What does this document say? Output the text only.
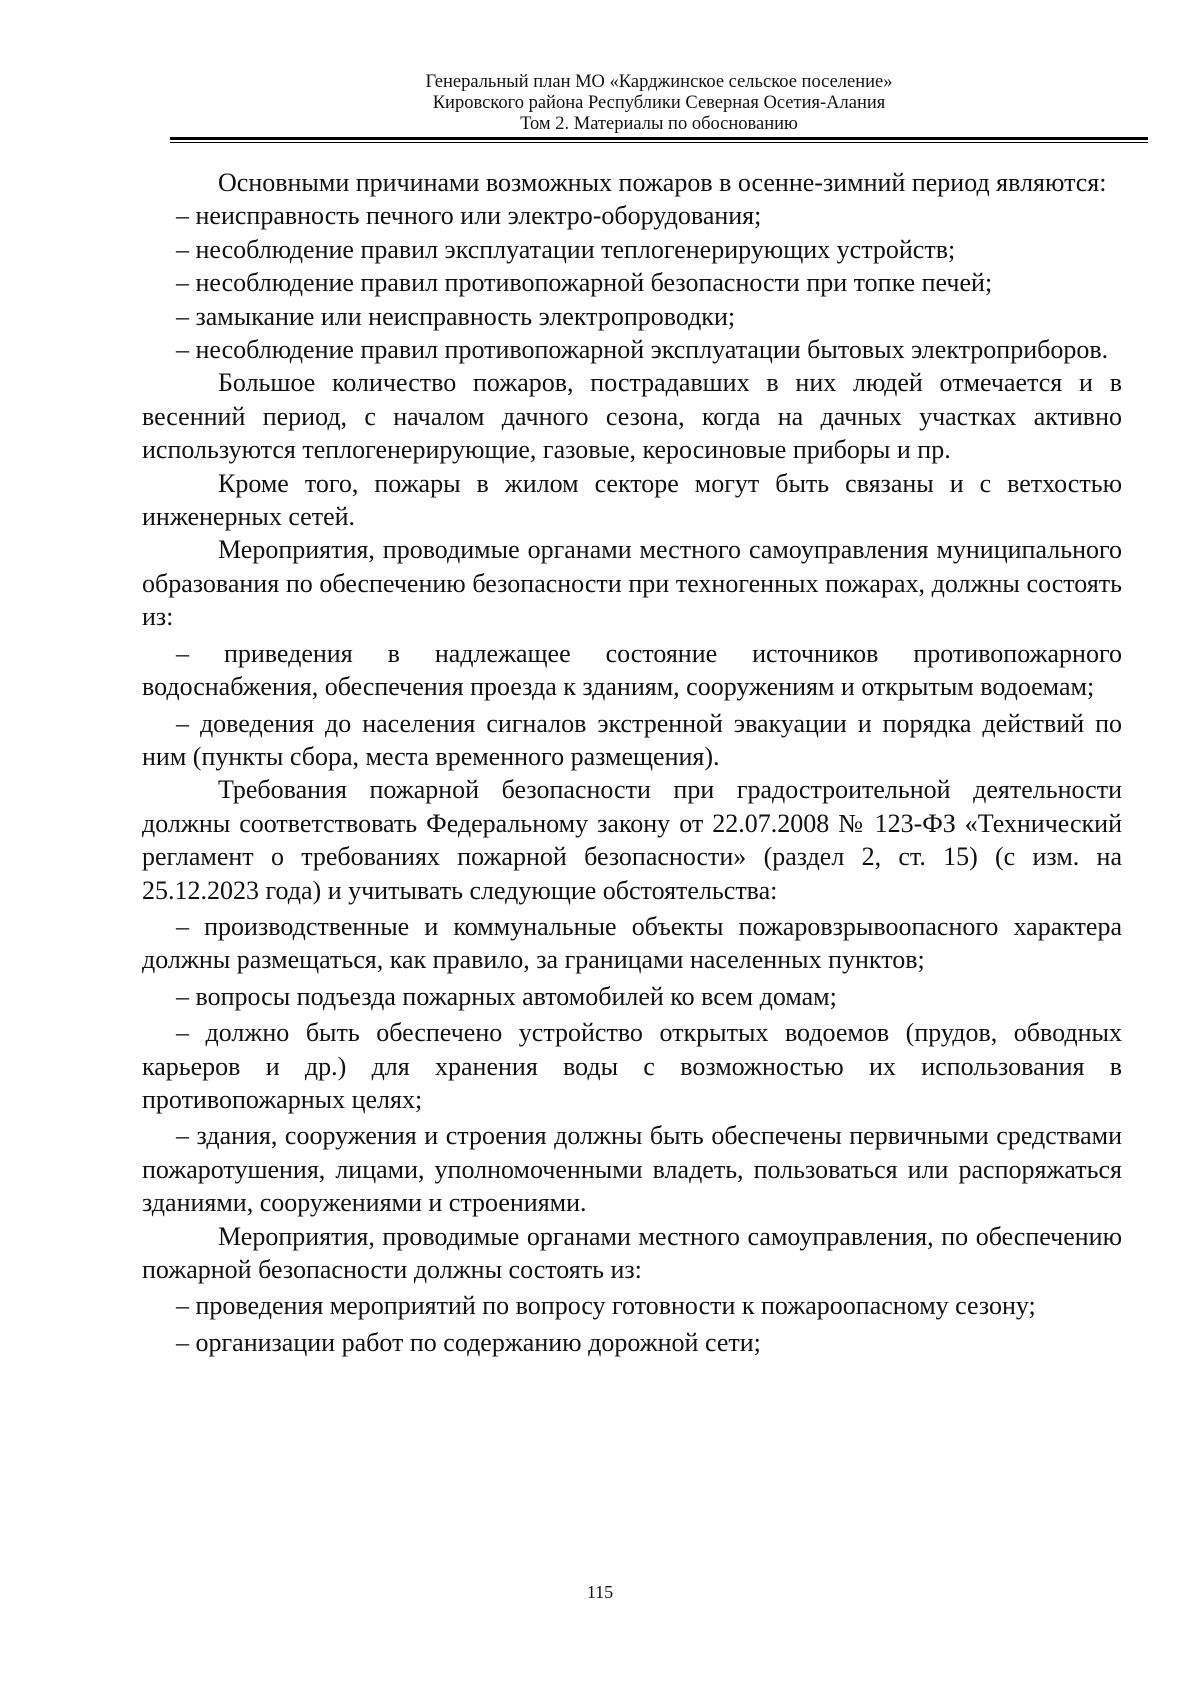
Генеральный план МО «Карджинское сельское поселение»
Кировского района Республики Северная Осетия-Алания
Том 2. Материалы по обоснованию

Основными причинами возможных пожаров в осенне-зимний период являются:

– неисправность печного или электро-оборудования;

– несоблюдение правил эксплуатации теплогенерирующих устройств;

– несоблюдение правил противопожарной безопасности при топке печей;

– замыкание или неисправность электропроводки;

– несоблюдение правил противопожарной эксплуатации бытовых электроприборов.

Большое количество пожаров, пострадавших в них людей отмечается и в весенний период, с началом дачного сезона, когда на дачных участках активно используются теплогенерирующие, газовые, керосиновые приборы и пр.

Кроме того, пожары в жилом секторе могут быть связаны и с ветхостью инженерных сетей.

Мероприятия, проводимые органами местного самоуправления муниципального образования по обеспечению безопасности при техногенных пожарах, должны состоять из:

– приведения в надлежащее состояние источников противопожарного водоснабжения, обеспечения проезда к зданиям, сооружениям и открытым водоемам;

– доведения до населения сигналов экстренной эвакуации и порядка действий по ним (пункты сбора, места временного размещения).

Требования пожарной безопасности при градостроительной деятельности должны соответствовать Федеральному закону от 22.07.2008 № 123-ФЗ «Технический регламент о требованиях пожарной безопасности» (раздел 2, ст. 15) (с изм. на 25.12.2023 года) и учитывать следующие обстоятельства:

– производственные и коммунальные объекты пожаровзрывоопасного характера должны размещаться, как правило, за границами населенных пунктов;

– вопросы подъезда пожарных автомобилей ко всем домам;

– должно быть обеспечено устройство открытых водоемов (прудов, обводных карьеров и др.) для хранения воды с возможностью их использования в противопожарных целях;

– здания, сооружения и строения должны быть обеспечены первичными средствами пожаротушения, лицами, уполномоченными владеть, пользоваться или распоряжаться зданиями, сооружениями и строениями.

Мероприятия, проводимые органами местного самоуправления, по обеспечению пожарной безопасности должны состоять из:

– проведения мероприятий по вопросу готовности к пожароопасному сезону;

– организации работ по содержанию дорожной сети;

115
